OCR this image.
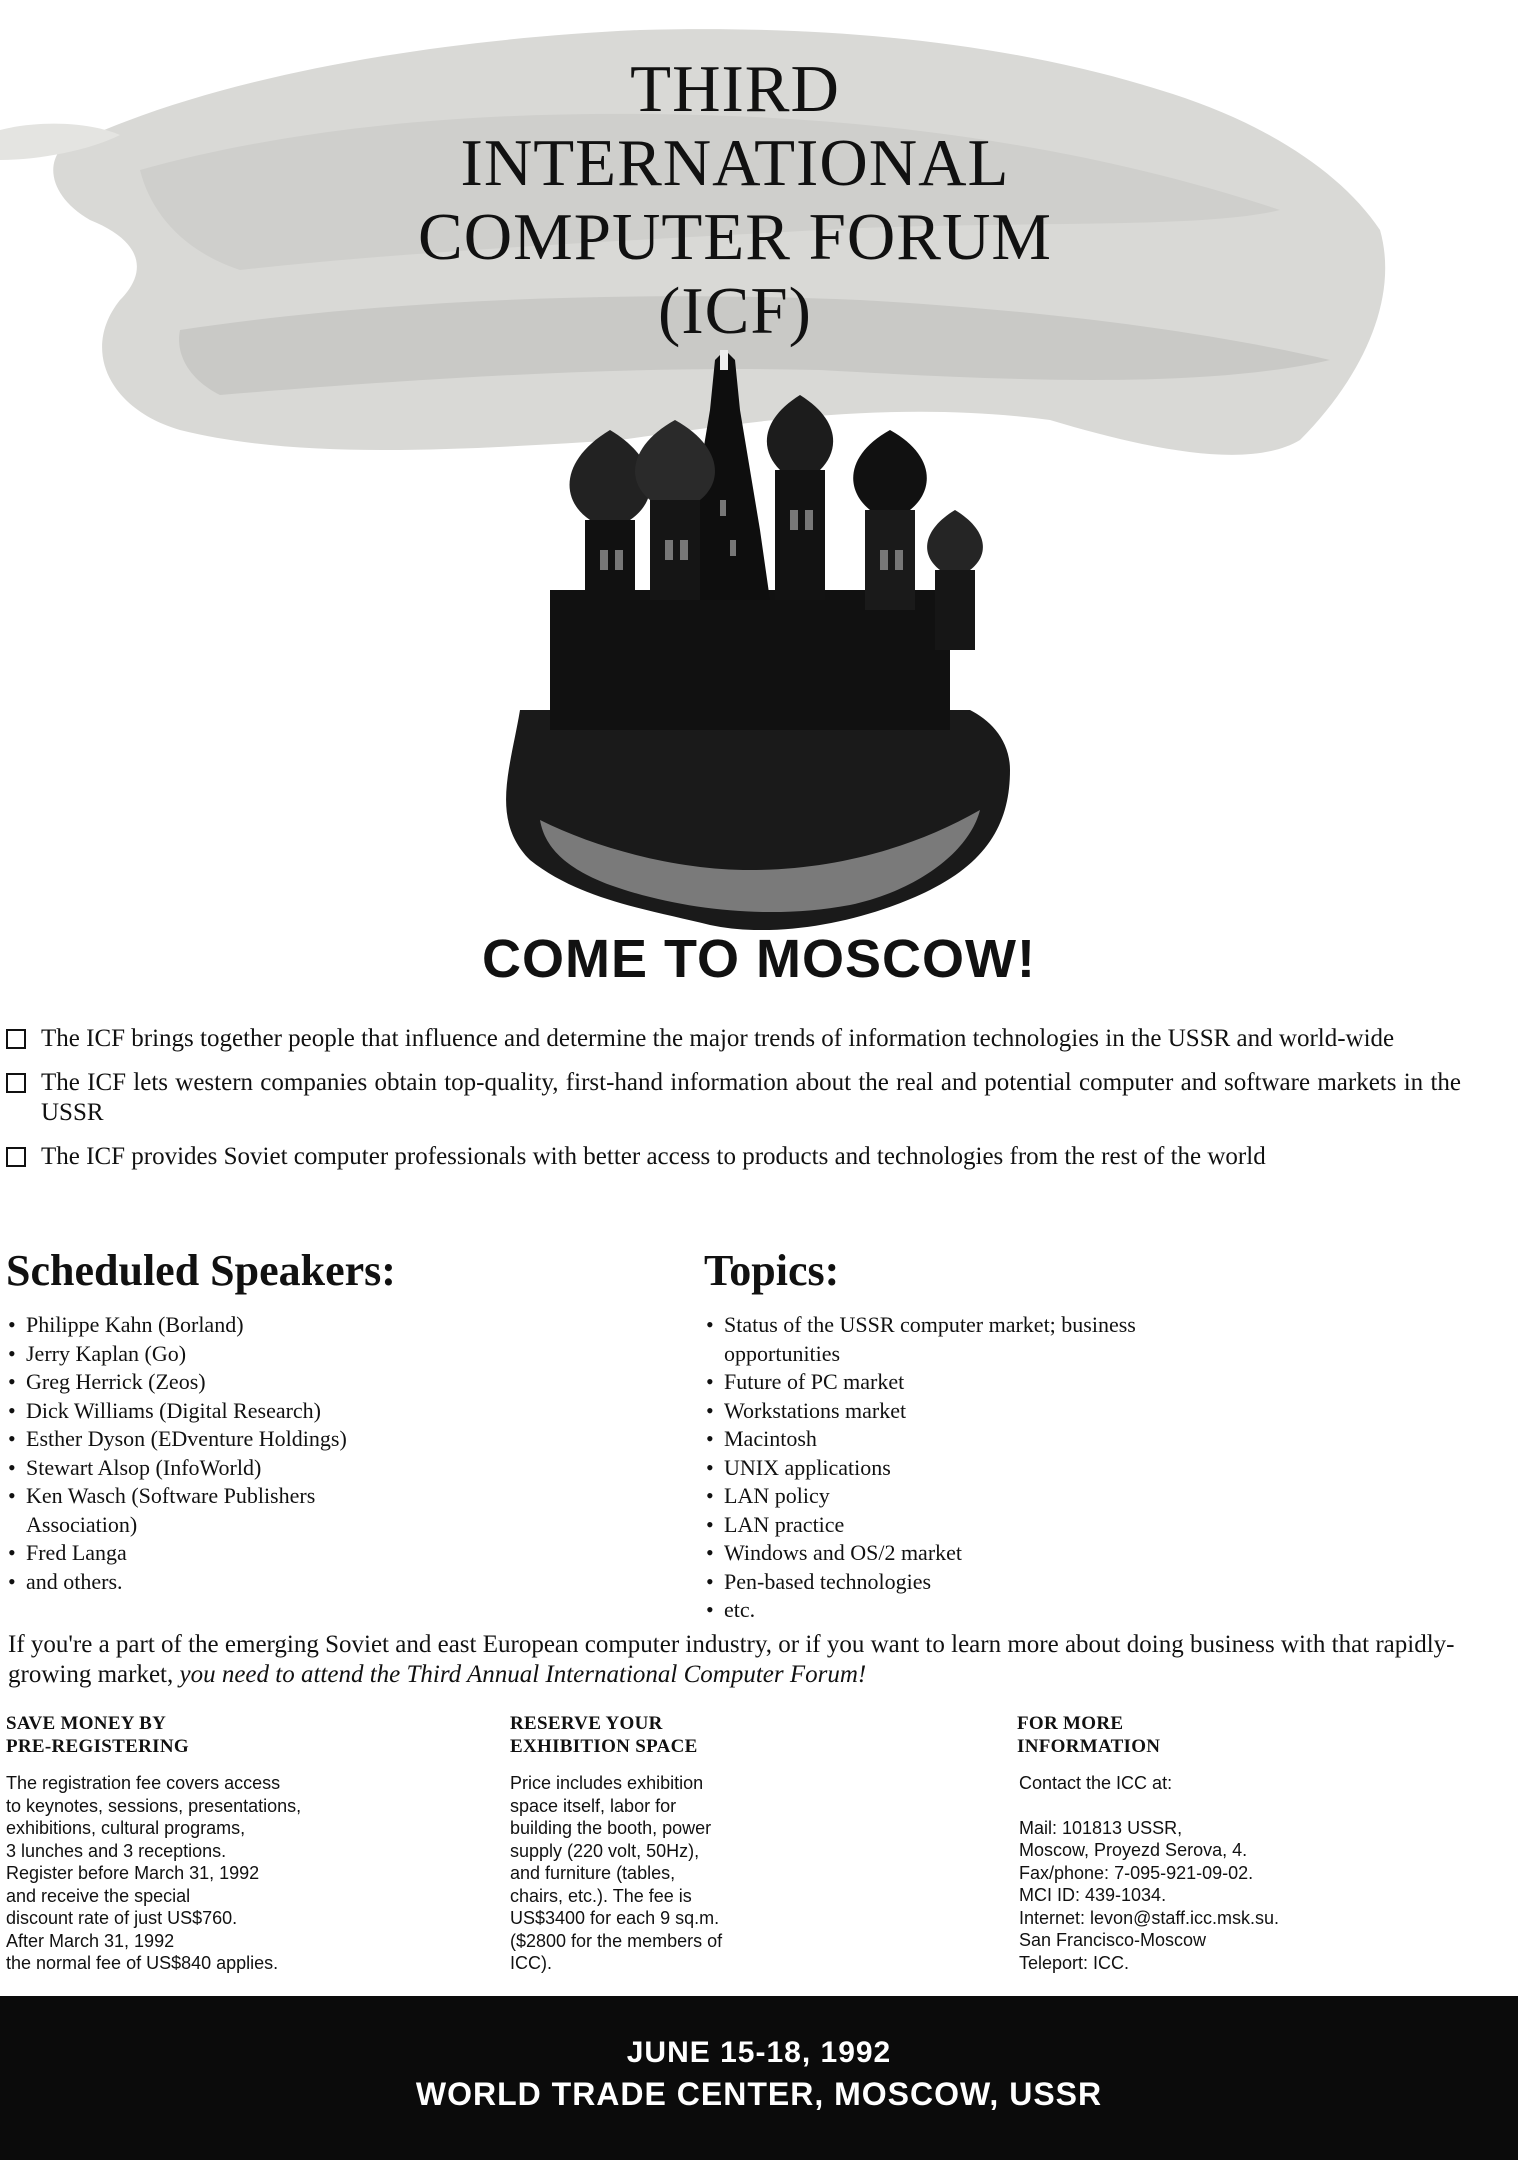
THIRD
INTERNATIONAL
COMPUTER FORUM
(ICF)
COME TO MOSCOW!
The ICF brings together people that influence and determine the major trends of information technologies in the USSR and world-wide
The ICF lets western companies obtain top-quality, first-hand information about the real and potential computer and software markets in the USSR
The ICF provides Soviet computer professionals with better access to products and technologies from the rest of the world
Scheduled Speakers:
• Philippe Kahn (Borland)
• Jerry Kaplan (Go)
• Greg Herrick (Zeos)
• Dick Williams (Digital Research)
• Esther Dyson (EDventure Holdings)
• Stewart Alsop (InfoWorld)
• Ken Wasch (Software Publishers Association)
• Fred Langa
• and others.
Topics:
• Status of the USSR computer market; business opportunities
• Future of PC market
• Workstations market
• Macintosh
• UNIX applications
• LAN policy
• LAN practice
• Windows and OS/2 market
• Pen-based technologies
• etc.
If you're a part of the emerging Soviet and east European computer industry, or if you want to learn more about doing business with that rapidly-growing market, you need to attend the Third Annual International Computer Forum!
SAVE MONEY BY
PRE-REGISTERING
The registration fee covers access
to keynotes, sessions, presentations,
exhibitions, cultural programs,
3 lunches and 3 receptions.
Register before March 31, 1992
and receive the special
discount rate of just US$760.
After March 31, 1992
the normal fee of US$840 applies.
RESERVE YOUR
EXHIBITION SPACE
Price includes exhibition
space itself, labor for
building the booth, power
supply (220 volt, 50Hz),
and furniture (tables,
chairs, etc.). The fee is
US$3400 for each 9 sq.m.
($2800 for the members of
ICC).
FOR MORE
INFORMATION
Contact the ICC at:
Mail: 101813 USSR,
Moscow, Proyezd Serova, 4.
Fax/phone: 7-095-921-09-02.
MCI ID: 439-1034.
Internet: levon@staff.icc.msk.su.
San Francisco-Moscow
Teleport: ICC.
JUNE 15-18, 1992
WORLD TRADE CENTER, MOSCOW, USSR
